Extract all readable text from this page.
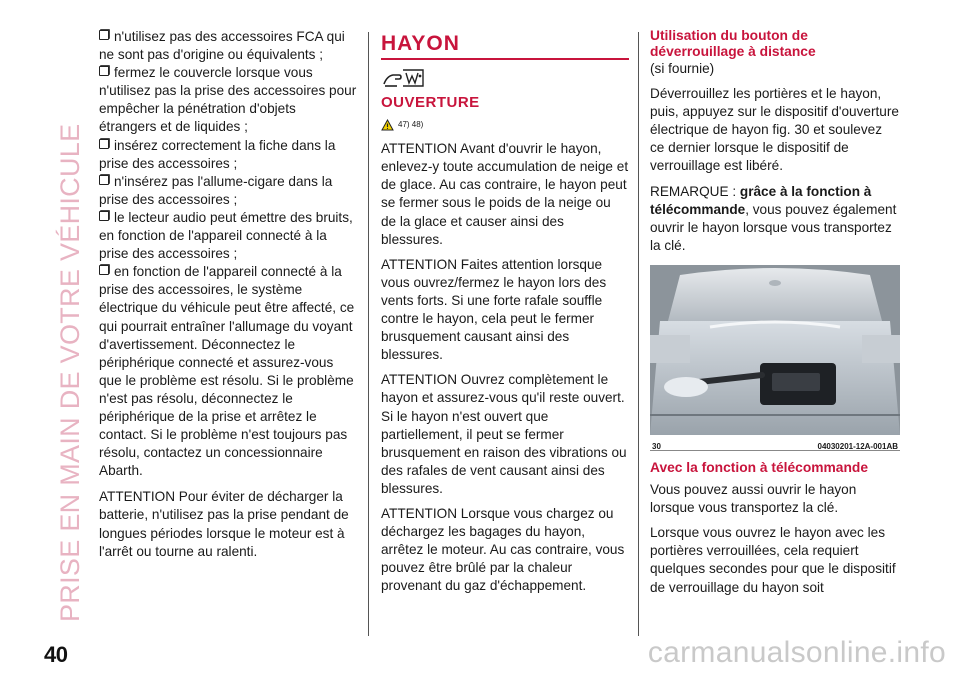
PRISE EN MAIN DE VOTRE VÉHICULE
n'utilisez pas des accessoires FCA qui ne sont pas d'origine ou équivalents ;
fermez le couvercle lorsque vous n'utilisez pas la prise des accessoires pour empêcher la pénétration d'objets étrangers et de liquides ;
insérez correctement la fiche dans la prise des accessoires ;
n'insérez pas l'allume-cigare dans la prise des accessoires ;
le lecteur audio peut émettre des bruits, en fonction de l'appareil connecté à la prise des accessoires ;
en fonction de l'appareil connecté à la prise des accessoires, le système électrique du véhicule peut être affecté, ce qui pourrait entraîner l'allumage du voyant d'avertissement. Déconnectez le périphérique connecté et assurez-vous que le problème est résolu. Si le problème n'est pas résolu, déconnectez le périphérique de la prise et arrêtez le contact. Si le problème n'est toujours pas résolu, contactez un concessionnaire Abarth.

ATTENTION Pour éviter de décharger la batterie, n'utilisez pas la prise pendant de longues périodes lorsque le moteur est à l'arrêt ou tourne au ralenti.

HAYON
OUVERTURE
47) 48)

ATTENTION Avant d'ouvrir le hayon, enlevez-y toute accumulation de neige et de glace. Au cas contraire, le hayon peut se fermer sous le poids de la neige ou de la glace et causer ainsi des blessures.

ATTENTION Faites attention lorsque vous ouvrez/fermez le hayon lors des vents forts. Si une forte rafale souffle contre le hayon, cela peut le fermer brusquement causant ainsi des blessures.

ATTENTION Ouvrez complètement le hayon et assurez-vous qu'il reste ouvert. Si le hayon n'est ouvert que partiellement, il peut se fermer brusquement en raison des vibrations ou des rafales de vent causant ainsi des blessures.

ATTENTION Lorsque vous chargez ou déchargez les bagages du hayon, arrêtez le moteur. Au cas contraire, vous pouvez être brûlé par la chaleur provenant du gaz d'échappement.

Utilisation du bouton de déverrouillage à distance

(si fournie)

Déverrouillez les portières et le hayon, puis, appuyez sur le dispositif d'ouverture électrique de hayon fig. 30 et soulevez ce dernier lorsque le dispositif de verrouillage est libéré.

REMARQUE : grâce à la fonction à télécommande, vous pouvez également ouvrir le hayon lorsque vous transportez la clé.

30	04030201-12A-001AB
Avec la fonction à télécommande

Vous pouvez aussi ouvrir le hayon lorsque vous transportez la clé.

Lorsque vous ouvrez le hayon avec les portières verrouillées, cela requiert quelques secondes pour que le dispositif de verrouillage du hayon soit

40	carmanualsonline.info
